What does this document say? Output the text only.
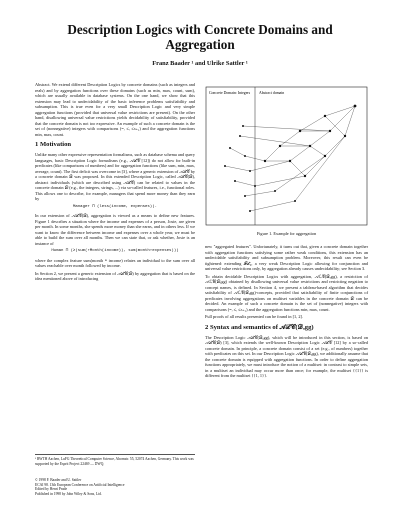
Description Logics with Concrete Domains and
Aggregation
Franz Baader ¹ and Ulrike Sattler ¹

Abstract. We extend different Description Logics by concrete domains (such as integers and reals) and by aggregation functions over these domains (such as min, max, count, sum), which are usually available in database systems. On the one hand, we show that this extension may lead to undecidability of the basic inference problems satisfiability and subsumption. This is true even for a very small Description Logic and very simple aggregation functions (provided that universal value restrictions are present). On the other hand, disallowing universal value restrictions yields decidability of satisfiability, provided that the concrete domain is not too expressive. An example of such a concrete domain is the set of (nonnegative) integers with comparisons (=, ≤, ≤ₙ₊₁) and the aggregation functions min, max, count.

1 Motivation

Unlike many other expressive representation formalisms, such as database schema and query languages, basic Description Logic formalisms (e.g., 𝒜ℒ𝒞 [12]) do not allow for built-in predicates (like comparisons of numbers) and for aggregation functions (like sum, min, max, average, count). The first deficit was overcome in [3], where a generic extension of 𝒜ℒ𝒞 by a concrete domain 𝒟 was proposed. In this extended Description Logic, called 𝒜ℒ𝒞(𝒟), abstract individuals (which are described using 𝒜ℒ𝒞) can be related to values in the concrete domain 𝒟 (e.g., the integers, strings, ...) via so-called features, i.e., functional roles. This allows one to describe, for example, managers that spend more money than they earn by

Manager ⊓ (less(income, expenses)).

In our extension of 𝒜ℒ𝒞(𝒟), aggregation is viewed as a means to define new features. Figure 1 describes a situation where the income and expenses of a person, Josie, are given per month. In some months, she spends more money than she earns, and in others less. If we want to know the difference between income and expenses over a whole year, we must be able to build the sum over all months. Then we can state that, or ask whether, Josie is an instance of

Human ⊓ (≥(sum(∘Month(income)), sum(month∘expenses)))

where the complex feature sum(month ∘ income) relates an individual to the sum over all values reachable over month followed by income.

In Section 2, we present a generic extension of 𝒜ℒ𝒞(𝒟) by aggregation that is based on the idea mentioned above of introducing

¹ RWTH Aachen, LuFG Theoretical Computer Science, Ahornstr. 55, 52074 Aachen, Germany. This work was supported by the Esprit Project 22469 — DWQ.
© 1998 F. Baader and U. Sattler
ECAI 98. 13th European Conference on Artificial Intelligence
Edited by Henri Prade
Published in 1998 by John Wiley & Sons, Ltd.
Concrete Domain: Integers Abstract domain
Figure 1. Example for aggregation

new "aggregated features". Unfortunately, it turns out that, given a concrete domain together with aggregation functions satisfying some rather weak conditions, this extension has an undecidable satisfiability and subsumption problem. Moreover, this result can even be tightened: extending 𝓕ℒ₀, a very weak Description Logic allowing for conjunction and universal value restrictions only, by aggregation already causes undecidability; see Section 3.

To obtain decidable Description Logics with aggregation, 𝒜ℒ𝒞(𝒟ₐgg), a restriction of 𝒜ℒ𝒞(𝒟ₐgg) obtained by disallowing universal value restrictions and restricting negation to concept names, is defined. In Section 4, we present a tableau-based algorithm that decides satisfiability of 𝒜ℒ𝒞(𝒟ₐgg)-concepts, provided that satisfiability of finite conjunctions of predicates involving aggregations on multiset variables in the concrete domain 𝒟 can be decided. An example of such a concrete domain is the set of (nonnegative) integers with comparisons (=, ≤, ≤ₙ₊₁) and the aggregation functions min, max, count.

Full proofs of all results presented can be found in [1, 2].

2 Syntax and semantics of 𝒜ℒ𝒞(𝒟ₐgg)

The Description Logic 𝒜ℒ𝒞(𝒟ₐgg), which will be introduced in this section, is based on 𝒜ℒ𝒞(𝒟) [3], which extends the well-known Description Logic 𝒜ℒ𝒞 [12] by a so-called concrete domain. In principle, a concrete domain consist of a set (e.g., of numbers) together with predicates on this set. In our Description Logic 𝒜ℒ𝒞(𝒟ₐgg), we additionally assume that the concrete domain is equipped with aggregation functions. In order to define aggregation functions appropriately, we must introduce the notion of a multiset: in contrast to simple sets, in a multiset an individual may occur more than once; for example, the multiset {{1}} is different from the multiset {{1, 1}}.
